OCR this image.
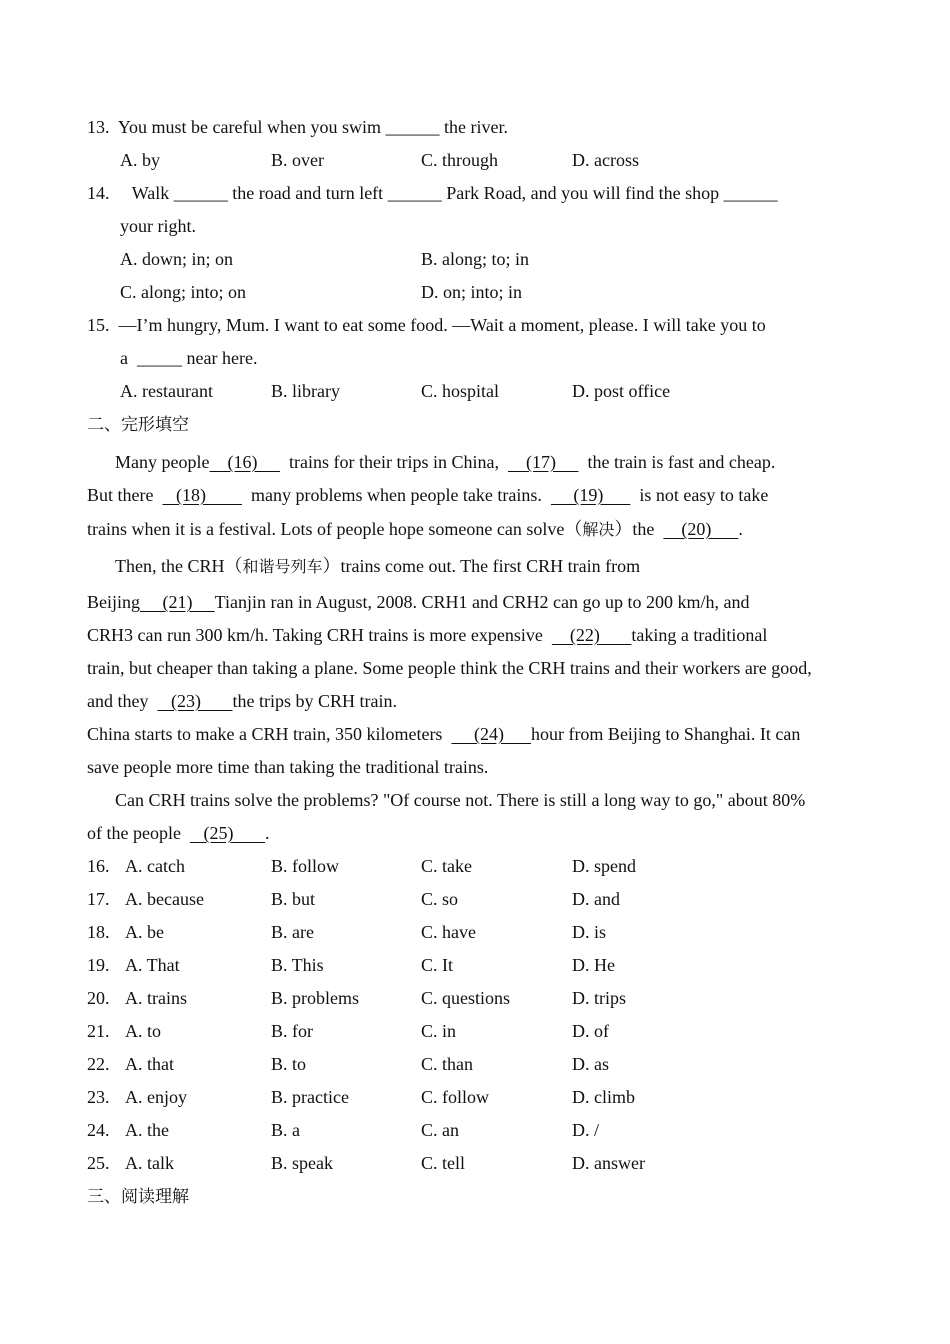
13. You must be careful when you swim ______ the river.
A. by	B. over	C. through	D. across
14. Walk ______ the road and turn left ______ Park Road, and you will find the shop ______
your right.
A. down; in; on	B. along; to; in
C. along; into; on	D. on; into; in
15. —I’m hungry, Mum. I want to eat some food. —Wait a moment, please. I will take you to
a  _____ near here.
A. restaurant	B. library	C. hospital	D. post office
二、完形填空
Many people    (16)       trains for their trips in China,      (17)       the train is fast and cheap.
But there     (18)          many problems when people take trains.       (19)        is not easy to take
trains when it is a festival. Lots of people hope someone can solve（解决）the      (20)      .
Then, the CRH（和谐号列车）trains come out. The first CRH train from
Beijing     (21)     Tianjin ran in August, 2008. CRH1 and CRH2 can go up to 200 km/h, and
CRH3 can run 300 km/h. Taking CRH trains is more expensive      (22)       taking a traditional
train, but cheaper than taking a plane. Some people think the CRH trains and their workers are good,
and they     (23)       the trips by CRH train.
China starts to make a CRH train, 350 kilometers       (24)      hour from Beijing to Shanghai. It can
save people more time than taking the traditional trains.
Can CRH trains solve the problems? "Of course not. There is still a long way to go," about 80%
of the people     (25)       .
16. A. catch	B. follow	C. take	D. spend
17. A. because	B. but	C. so	D. and
18. A. be	B. are	C. have	D. is
19. A. That	B. This	C. It	D. He
20. A. trains	B. problems	C. questions	D. trips
21. A. to	B. for	C. in	D. of
22. A. that	B. to	C. than	D. as
23. A. enjoy	B. practice	C. follow	D. climb
24. A. the	B. a	C. an	D. /
25. A. talk	B. speak	C. tell	D. answer
三、阅读理解
